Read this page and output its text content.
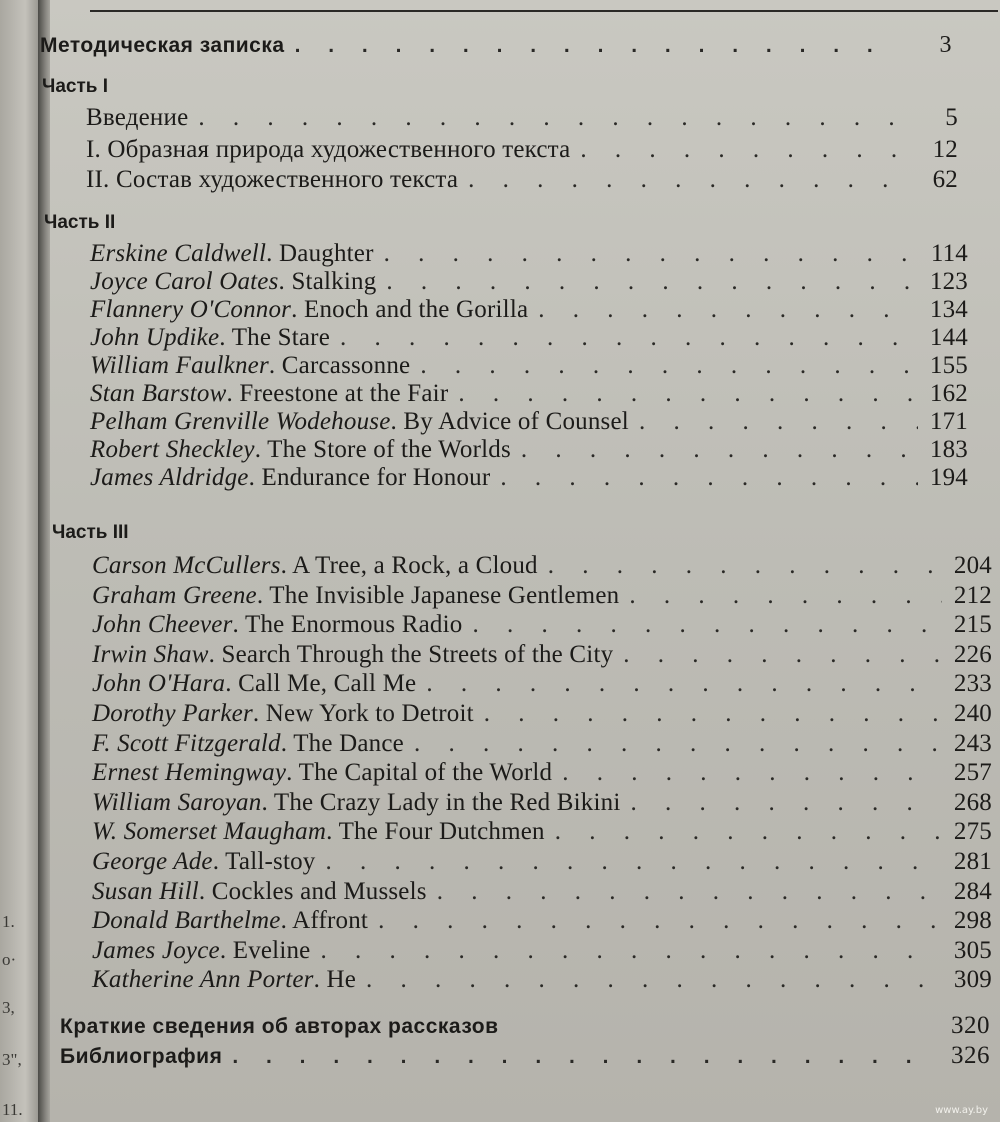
1.
о·
3,
3",
11.
Методическая записка . . .	3
Часть I
Введение . . .	5
I. Образная природа художественного текста . . .	12
II. Состав художественного текста . . .	62
Часть II
Erskine Caldwell. Daughter . . .	114
Joyce Carol Oates. Stalking . . .	123
Flannery O'Connor. Enoch and the Gorilla . . .	134
John Updike. The Stare . . .	144
William Faulkner. Carcassonne . . .	155
Stan Barstow. Freestone at the Fair . . .	162
Pelham Grenville Wodehouse. By Advice of Counsel . . .	171
Robert Sheckley. The Store of the Worlds . . .	183
James Aldridge. Endurance for Honour . . .	194
Часть III
Carson McCullers. A Tree, a Rock, a Cloud . . .	204
Graham Greene. The Invisible Japanese Gentlemen . . .	212
John Cheever. The Enormous Radio . . .	215
Irwin Shaw. Search Through the Streets of the City . . .	226
John O'Hara. Call Me, Call Me . . .	233
Dorothy Parker. New York to Detroit . . .	240
F. Scott Fitzgerald. The Dance . . .	243
Ernest Hemingway. The Capital of the World . . .	257
William Saroyan. The Crazy Lady in the Red Bikini . . .	268
W. Somerset Maugham. The Four Dutchmen . . .	275
George Ade. Tall-stoy . . .	281
Susan Hill. Cockles and Mussels . . .	284
Donald Barthelme. Affront . . .	298
James Joyce. Eveline . . .	305
Katherine Ann Porter. He . . .	309
Краткие сведения об авторах рассказов	320
Библиография . . .	326
www.ay.by
